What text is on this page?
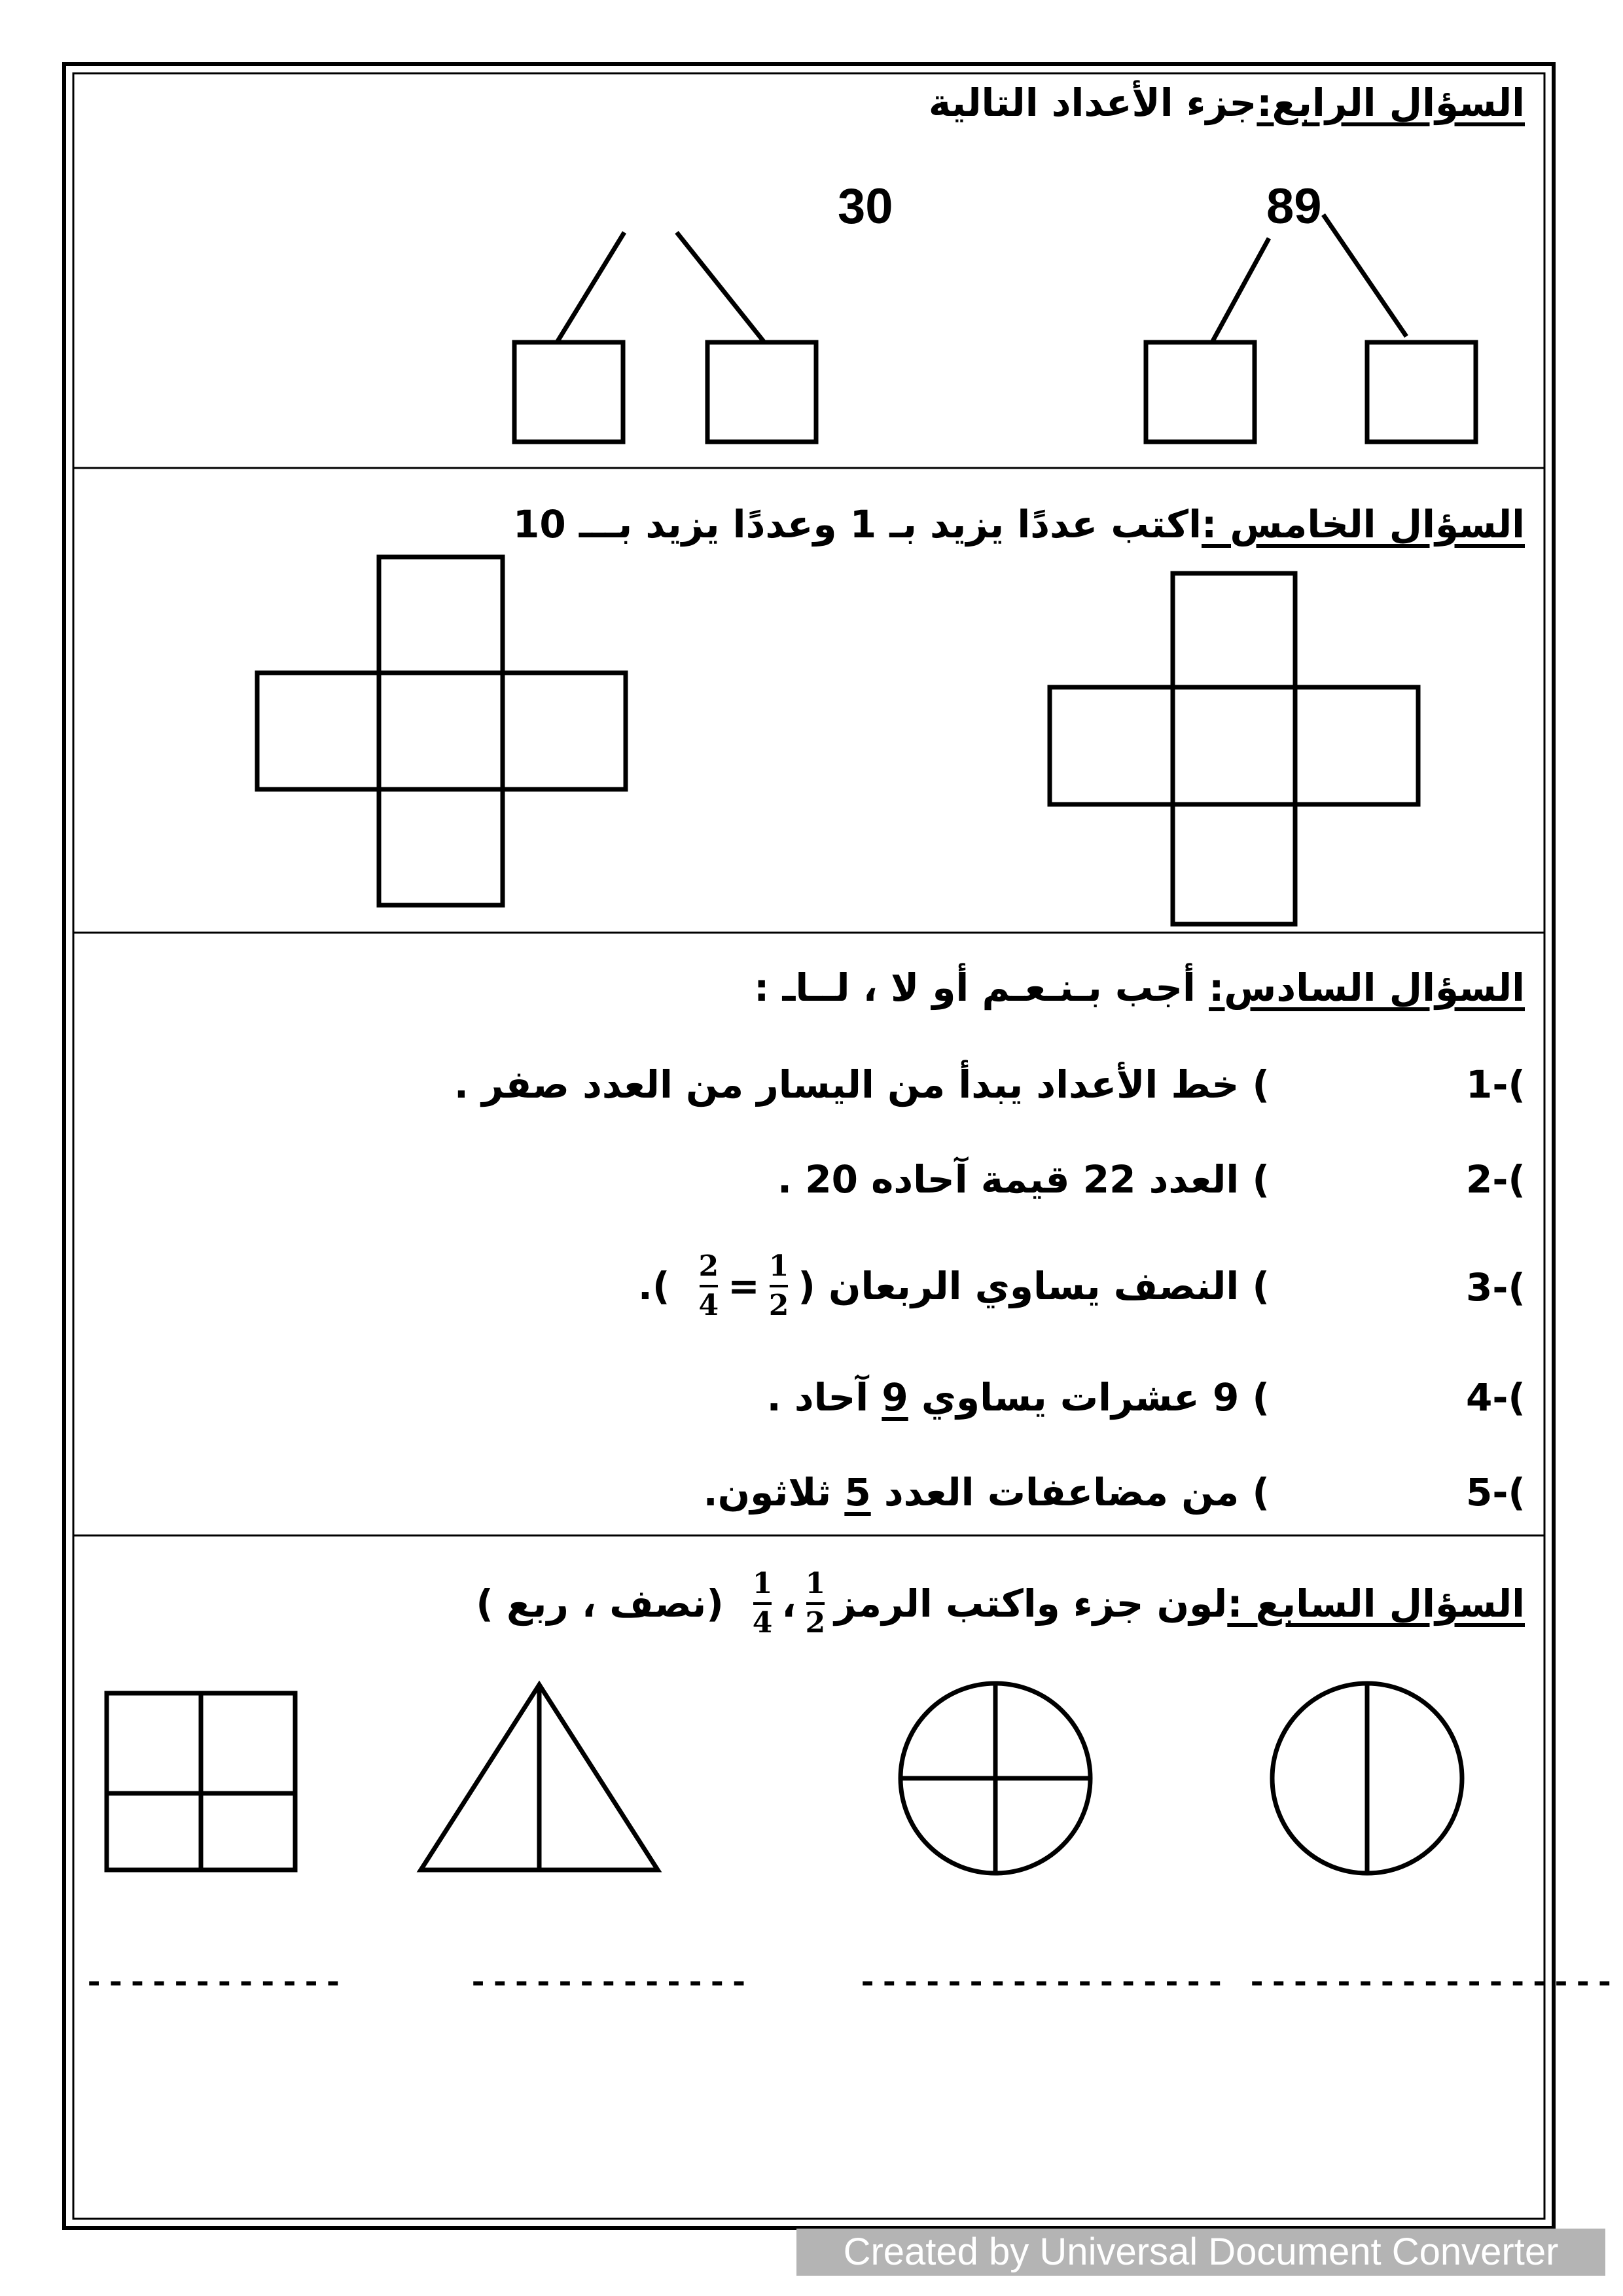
السؤال الرابع:جزء الأعداد التالية
30	89
السؤال الخامس :اكتب عددًا يزيد بـ 1 وعددًا يزيد بـــ 10
السؤال السادس: أجب بـنـعـم أو لا ، لــاـ :
1-(
) خط الأعداد يبدأ من اليسار من العدد صفر .
2-(
) العدد 22 قيمة آحاده 20 .
3-(
) النصف يساوي الربعان (
$\frac{1}{2}$
=
$\frac{2}{4}$
).
4-(
) 9 عشرات يساوي 9 آحاد .
5-(
) من مضاعفات العدد 5 ثلاثون.
السؤال السابع :
لون جزء واكتب الرمز
$\frac{1}{2}$
،
$\frac{1}{4}$
(نصف ، ربع )
------------	-------------	----------------- -----------------
Created by Universal Document Converter
